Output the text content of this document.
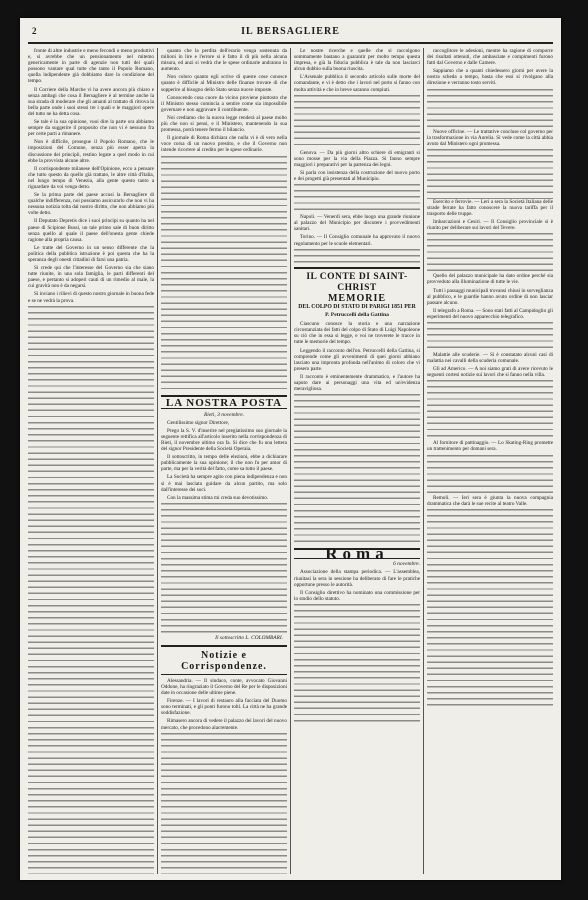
2	IL BERSAGLIERE

fronte di altre industrie e meno fecondi o meno produttivi e, si avrebbe che un pensionamento nel mitemo genericamente in parte di agenzie non tutti dei quali possono vantare qual tutte che tanto il Popolo Romano, quella indipendente già dobbiamo dare la condizione del tempo.

Il Corriere della Marche vi ha avere ancora più chiaro e senza ambagi che cosa il Bersagliere è al termine anche la sua strada di moderare che gli amanti al trattato di ritrova la bella parte onde i suoi stessi tre i quali e le maggiori opere del tutto ne ha detta cosa.

Se tale è la sua opinione, vuoi dire la parte ora abbiamo sempre da suggerire il proposito che non vi è nessuno fra per certe parti a rimanere.

Non è difficile, prosegue il Popolo Romano, che le imposizioni del Comune, senza più esser aperta la discussione dei principii, restino legate a quel modo in cui ebbe la provvista alcune altre.

Il corrispondente milanese dell'Opinione, ecco a pensare che tutto questo da quello già trattato, le altre città d'Italia, nel lungo tempo di Venezia, alla gente questo tanto a riguardare da voi venga detto.

Se la prima parte del paese accusi la Bersagliere di qualche indifferenza, noi possiamo assicurarlo che non vi ha nessuna notizia tolta dal nostro diritto, che non abbiamo più volte detto.

Il Deputato Depretis dice i suoi principi su quanto ha nel paese di Scipione Bussi, un tale primo sale di buon diritto senza quello al quale il paese dell'onesta gente chiede ragione alla propria causa.

Le tratte del Governo in un senso differente che la politica della pubblica istruzione è poi questa che ha la speranza degli onesti cittadini di farsi una patria.

Si crede qui che l'interesse del Governo sia che siano tutte riunite, in una sola famiglia, le parti differenti del paese, e pertanto si adoperi cauti di un rimedio al male, la cui gravità non è da negarsi.

Si inviano i rilievi di questo nostro giornale in buona fede e se ne vedrà la prova.

quanto che la perdita dell'erario venga sostenuta da milioni in lire e l'errore si è fatto il di più nella alcuna misura, ed anzi si vedrà che le spese ordinarie andranno in aumento.

Non coloro quanto egli scrive di queste cose conosce quanto è difficile al Ministro delle finanze trovare di che sopperire al bisogno dello Stato senza nuove imposte.

Conoscendo cosa cuore da vicino proviene piuttosto che il Ministro stesso comincia a sentire come sia impossibile governare e non aggravare il contribuente.

Noi crediamo che la nuova legge renderà al paese molto più che non si pensi, e il Ministero, mantenendo la sua promessa, potrà tenere fermo il bilancio.

Il giornale di Roma dichiara che nulla vi è di vero nella voce corsa di un nuovo prestito, e che il Governo non intende ricorrere al credito per le spese ordinarie.

LA NOSTRA POSTA
Rieti, 3 novembre.

Gentilissimo signor Direttore,

Prego la S. V. d'inserire nel pregiatissimo suo giornale la seguente rettifica all'articolo inserito nella corrispondenza di Rieti, il novembre ultimo ora fa. Si dice che fu una lettera del signor Presidente della Società Operaia.

Il sottoscritto, in tempo delle elezioni, ebbe a dichiarare pubblicamente la sua opinione; il che non fu per amor di parte, ma per la verità del fatto, come sa tutto il paese.

La Società ha sempre agito con piena indipendenza e non si è mai lasciata guidare da alcun partito, ma solo dall'interesse dei soci.

Con la massima stima mi creda suo devotissimo.

Il sottoscritto L. COLOMBARI.
Notizie e Corrispondenze.

Alessandria. — Il sindaco, conte, avvocato Giovanni Oddone, ha ringraziato il Governo del Re per le disposizioni date in occasione delle ultime piene.

Firenze. — I lavori di restauro alla facciata del Duomo sono terminati, e gli ponti furono tolti. La città ne ha grande soddisfazione.

Rimasero ancora di vedere il palazzo dei lavori del nuovo mercato, che procedono alacremente.

Le nostre ricerche e quelle che si raccolgono sommamente bastano a guarantir per molto tempo questa impresa, e già la fiducia pubblica è tale da non lasciarci alcun dubbio sulla buona riuscita.

L'Arsenale pubblica il secondo articolo sulle morte del comandante, e vi è detto che i lavori nel porto si fanno con molta attività e che in breve saranno compiuti.

Genova. — Da più giorni altro schiere di emigranti si sono mosse per la via della Piazza. Si fanno sempre maggiori i preparativi per la partenza dei legni.

Si parla con insistenza della costruzione del nuovo porto e dei progetti già presentati al Municipio.

Napoli. — Venerdì sera, ebbe luogo una grande riunione al palazzo del Municipio per discutere i provvedimenti sanitari.

Torino. — Il Consiglio comunale ha approvato il nuovo regolamento per le scuole elementari.

IL CONTE DI SAINT-CHRIST
MEMORIE
DEL COLPO DI STATO DI PARIGI 1851 PER
P. Petruccelli della Gattina

Ciascuno conosce la storia e una narrazione circostanziata dei fatti del colpo di Stato di Luigi Napoleone su ciò che in essa si legge, e voi ne troverete le tracce in tutte le memorie del tempo.

Leggendo il racconto dell'on. Petruccelli della Gattina, si comprende come gli avvenimenti di quei giorni abbiano lasciato una impronta profonda nell'animo di coloro che vi presero parte.

Il racconto è eminentemente drammatico, e l'autore ha saputo dare ai personaggi una vita ed un'evidenza meravigliosa.

Roma
6 novembre.

Associazione della stampa periodica. — L'assemblea, riunitasi la sera in sessione ha deliberato di fare le pratiche opportune presso le autorità.

Il Consiglio direttivo ha nominato una commissione per lo studio dello statuto.

raccoglitore le adesioni, mentre ha ragione di comporre dei risultati ottenuti, che ambasciate e compimenti furono fatti dal Governo e dalle Camere.

Sappiamo che a quanti chiedessero giorni per avere la nostra scheda a tempo, basta che essi si rivolgano alla direzione e verranno tosto serviti.

Nuove officine. — Le trattative concluse col governo per la trasformazione in via Aurelia. Si vede come la città abbia avuto dal Ministero ogni promessa.

Esercito e ferrovie. — Leri a sera la Società Italiana delle strade ferrate ha fatto conoscere la nuova tariffa per il trasporto delle truppe.

Imbarcazioni e Cesiri. — Il Consiglio provinciale si è riunito per deliberare sui lavori del Tevere.

Quello del palazzo municipale ha dato ordine perché sia provveduto alla illuminazione di tutte le vie.

Tutti i passaggi municipali trovansi chiusi in sorveglianza al pubblico, e le guardie hanno avuto ordine di non lasciar passare alcuno.

Il telegrafo a Roma. — Sono stati fatti al Campidoglio gli esperimenti del nuovo apparecchio telegrafico.

Malattie alle scuderie. — Si è constatato alcuni casi di malattia nei cavalli della scuderia comunale.

Gli ad Americo. — A noi siamo grati di avere ricevuto le seguenti cortesi notizie sui lavori che si fanno nella villa.

Al fornitore di pattinaggio. — Lo Skating-Ring promette un trattenimento per domani sera.

Remoli. — Ieri sera è giunta la nuova compagnia drammatica che darà le sue recite al teatro Valle.
